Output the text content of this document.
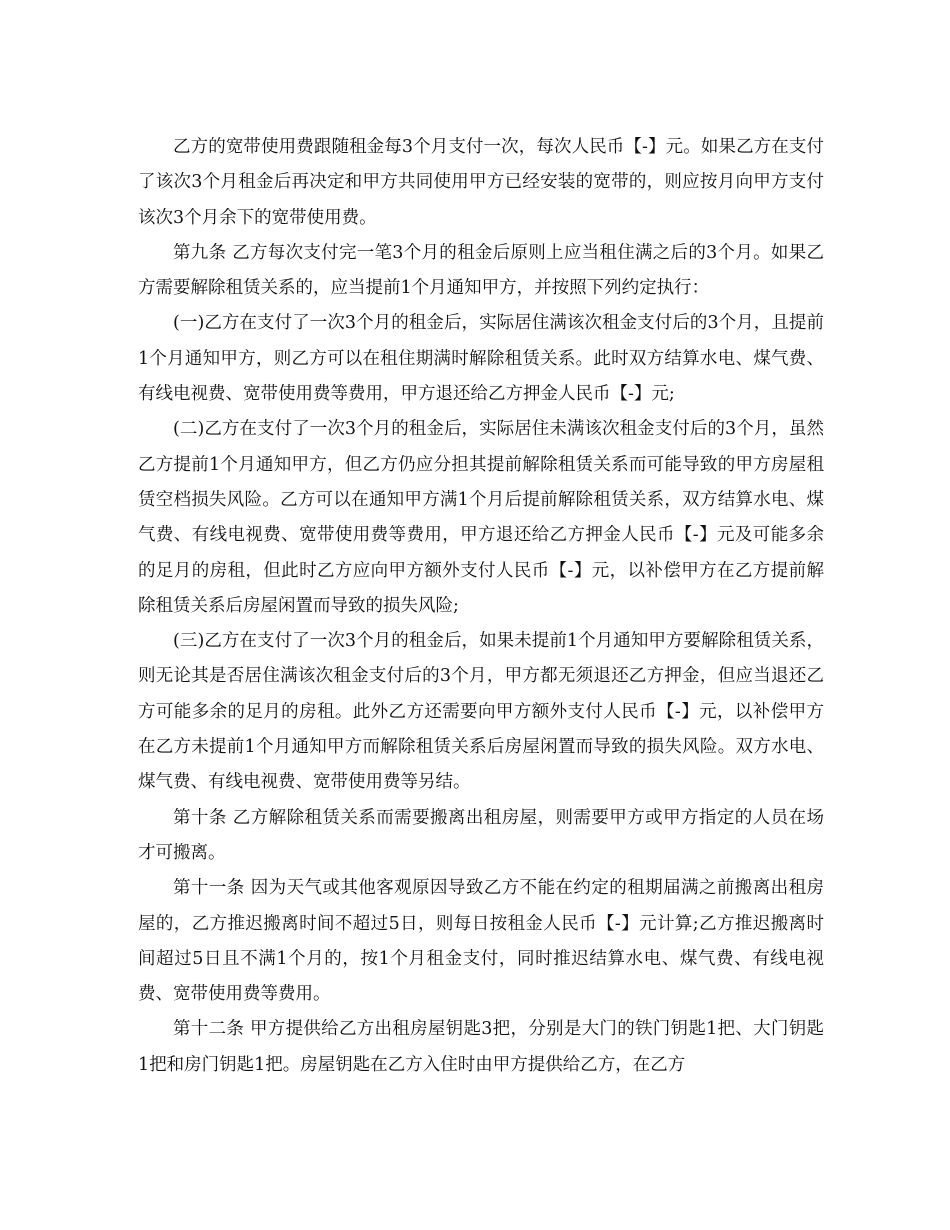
乙方的宽带使用费跟随租金每3个月支付一次，每次人民币【-】元。如果乙方在支付了该次3个月租金后再决定和甲方共同使用甲方已经安装的宽带的，则应按月向甲方支付该次3个月余下的宽带使用费。

第九条 乙方每次支付完一笔3个月的租金后原则上应当租住满之后的3个月。如果乙方需要解除租赁关系的，应当提前1个月通知甲方，并按照下列约定执行：

(一)乙方在支付了一次3个月的租金后，实际居住满该次租金支付后的3个月，且提前1个月通知甲方，则乙方可以在租住期满时解除租赁关系。此时双方结算水电、煤气费、有线电视费、宽带使用费等费用，甲方退还给乙方押金人民币【-】元;

(二)乙方在支付了一次3个月的租金后，实际居住未满该次租金支付后的3个月，虽然乙方提前1个月通知甲方，但乙方仍应分担其提前解除租赁关系而可能导致的甲方房屋租赁空档损失风险。乙方可以在通知甲方满1个月后提前解除租赁关系，双方结算水电、煤气费、有线电视费、宽带使用费等费用，甲方退还给乙方押金人民币【-】元及可能多余的足月的房租，但此时乙方应向甲方额外支付人民币【-】元，以补偿甲方在乙方提前解除租赁关系后房屋闲置而导致的损失风险;

(三)乙方在支付了一次3个月的租金后，如果未提前1个月通知甲方要解除租赁关系，则无论其是否居住满该次租金支付后的3个月，甲方都无须退还乙方押金，但应当退还乙方可能多余的足月的房租。此外乙方还需要向甲方额外支付人民币【-】元，以补偿甲方在乙方未提前1个月通知甲方而解除租赁关系后房屋闲置而导致的损失风险。双方水电、煤气费、有线电视费、宽带使用费等另结。

第十条 乙方解除租赁关系而需要搬离出租房屋，则需要甲方或甲方指定的人员在场才可搬离。

第十一条 因为天气或其他客观原因导致乙方不能在约定的租期届满之前搬离出租房屋的，乙方推迟搬离时间不超过5日，则每日按租金人民币【-】元计算;乙方推迟搬离时间超过5日且不满1个月的，按1个月租金支付，同时推迟结算水电、煤气费、有线电视费、宽带使用费等费用。

第十二条 甲方提供给乙方出租房屋钥匙3把，分别是大门的铁门钥匙1把、大门钥匙1把和房门钥匙1把。房屋钥匙在乙方入住时由甲方提供给乙方，在乙方
